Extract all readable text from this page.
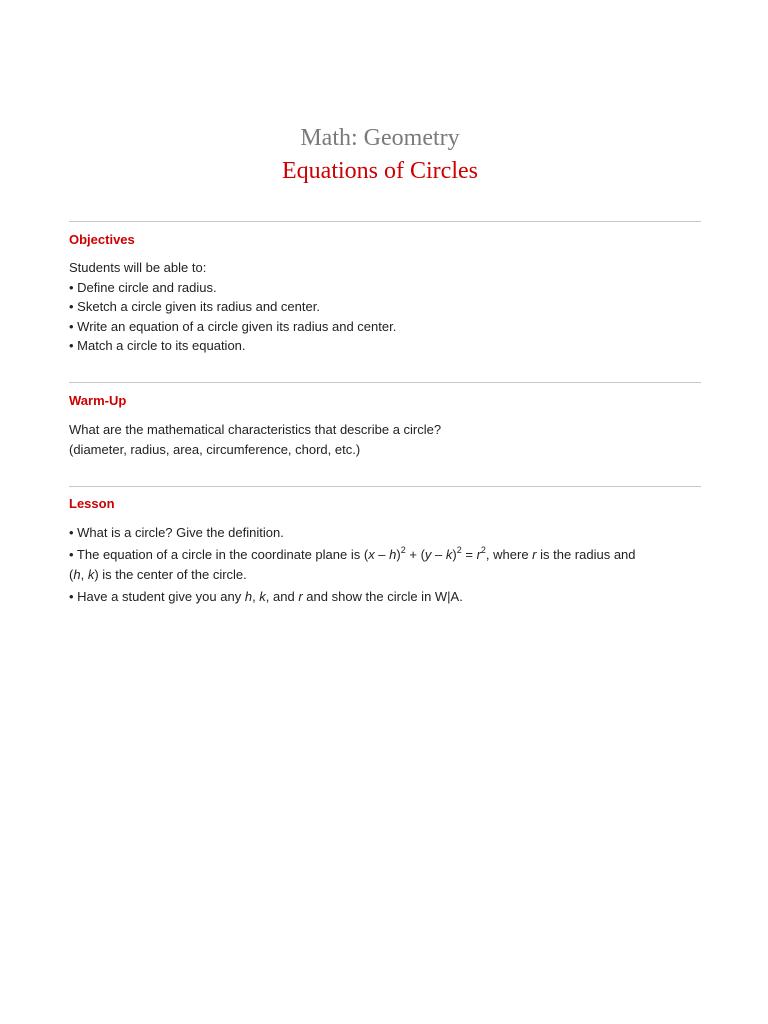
Math: Geometry
Equations of Circles
Objectives
Students will be able to:
• Define circle and radius.
• Sketch a circle given its radius and center.
• Write an equation of a circle given its radius and center.
• Match a circle to its equation.
Warm-Up
What are the mathematical characteristics that describe a circle?
(diameter, radius, area, circumference, chord, etc.)
Lesson
• What is a circle? Give the definition.
• The equation of a circle in the coordinate plane is $(x - h)^2 + (y - k)^2 = r^2$, where r is the radius and
(h, k) is the center of the circle.
• Have a student give you any h, k, and r and show the circle in W|A.
